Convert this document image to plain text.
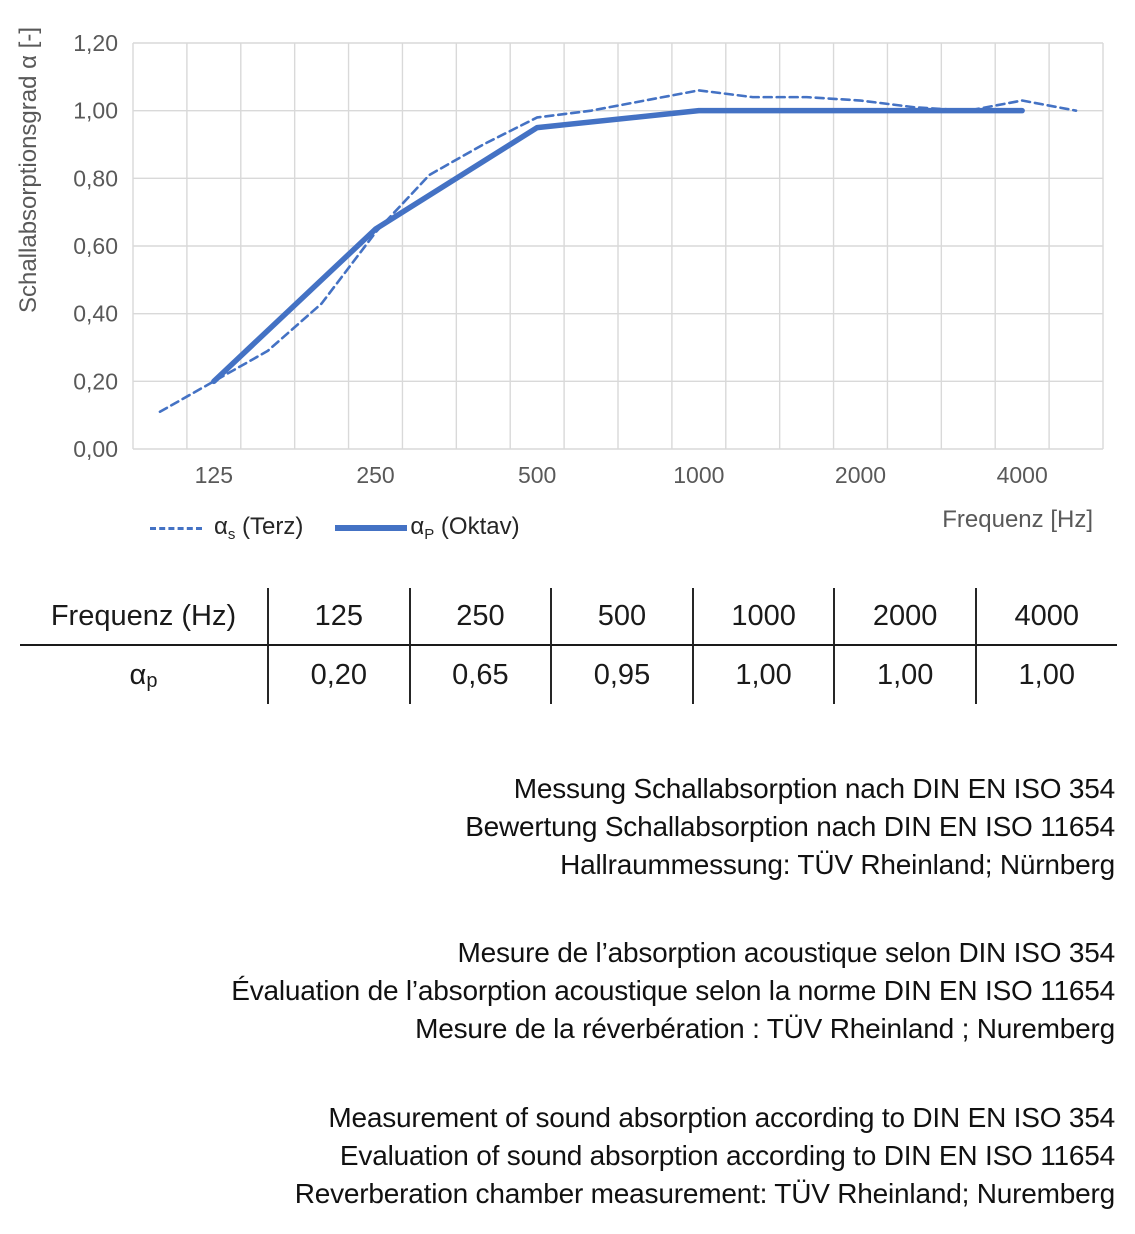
1,20
1,00
0,80
0,60
0,40
0,20
0,00
125	250	500	1000	2000	4000
Schallabsorptionsgrad α [-]
Frequenz [Hz]
$\alpha_s$ (Terz)	$\alpha_P$ (Oktav)
Frequenz (Hz)	125	250	500	1000	2000	4000
α p	0,20	0,65	0,95	1,00	1,00	1,00
Messung Schallabsorption nach DIN EN ISO 354
Bewertung Schallabsorption nach DIN EN ISO 11654
Hallraummessung: TÜV Rheinland; Nürnberg
Mesure de l’absorption acoustique selon DIN ISO 354
Évaluation de l’absorption acoustique selon la norme DIN EN ISO 11654
Mesure de la réverbération : TÜV Rheinland ; Nuremberg
Measurement of sound absorption according to DIN EN ISO 354
Evaluation of sound absorption according to DIN EN ISO 11654
Reverberation chamber measurement: TÜV Rheinland; Nuremberg
